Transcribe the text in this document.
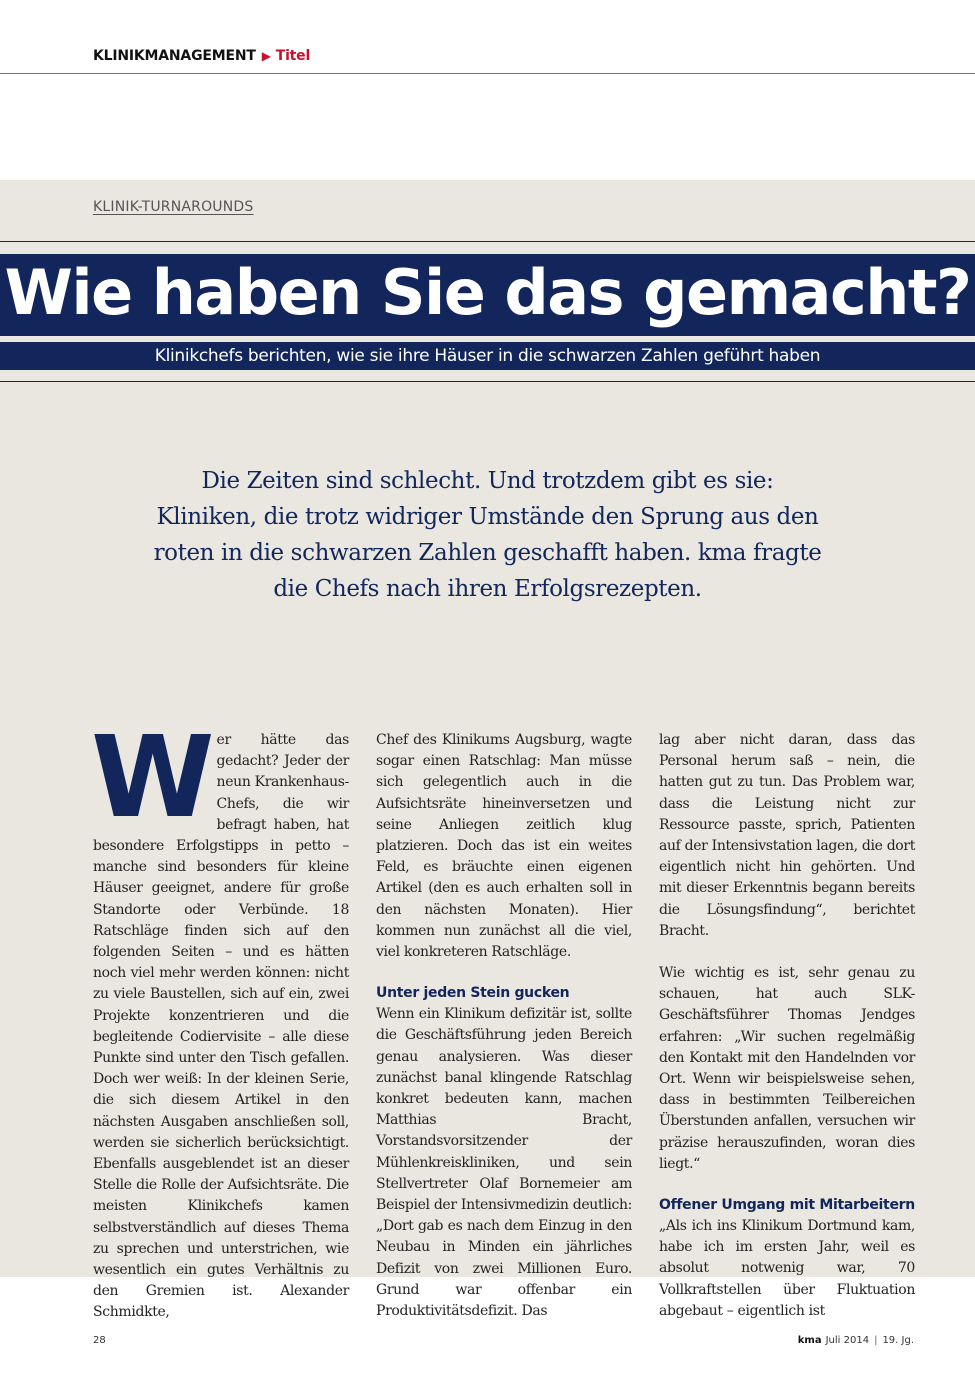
KLINIKMANAGEMENT ▶ Titel
KLINIK-TURNAROUNDS
Wie haben Sie das gemacht?
Klinikchefs berichten, wie sie ihre Häuser in die schwarzen Zahlen geführt haben
Die Zeiten sind schlecht. Und trotzdem gibt es sie: Kliniken, die trotz widriger Umstände den Sprung aus den roten in die schwarzen Zahlen geschafft haben. kma fragte die Chefs nach ihren Erfolgsrezepten.

Wer hätte das gedacht? Jeder der neun Krankenhaus-Chefs, die wir befragt haben, hat besondere Erfolgstipps in petto – manche sind besonders für kleine Häuser geeignet, andere für große Standorte oder Verbünde. 18 Ratschläge finden sich auf den folgenden Seiten – und es hätten noch viel mehr werden können: nicht zu viele Baustellen, sich auf ein, zwei Projekte konzentrieren und die begleitende Codiervisite – alle diese Punkte sind unter den Tisch gefallen. Doch wer weiß: In der kleinen Serie, die sich diesem Artikel in den nächsten Ausgaben anschließen soll, werden sie sicherlich berücksichtigt. Ebenfalls ausgeblendet ist an dieser Stelle die Rolle der Aufsichtsräte. Die meisten Klinikchefs kamen selbstverständlich auf dieses Thema zu sprechen und unterstrichen, wie wesentlich ein gutes Verhältnis zu den Gremien ist. Alexander Schmidkte,

Chef des Klinikums Augsburg, wagte sogar einen Ratschlag: Man müsse sich gelegentlich auch in die Aufsichtsräte hineinversetzen und seine Anliegen zeitlich klug platzieren. Doch das ist ein weites Feld, es bräuchte einen eigenen Artikel (den es auch erhalten soll in den nächsten Monaten). Hier kommen nun zunächst all die viel, viel konkreteren Ratschläge.

Unter jeden Stein gucken

Wenn ein Klinikum defizitär ist, sollte die Geschäftsführung jeden Bereich genau analysieren. Was dieser zunächst banal klingende Ratschlag konkret bedeuten kann, machen Matthias Bracht, Vorstandsvorsitzender der Mühlenkreiskliniken, und sein Stellvertreter Olaf Bornemeier am Beispiel der Intensivmedizin deutlich: „Dort gab es nach dem Einzug in den Neubau in Minden ein jährliches Defizit von zwei Millionen Euro. Grund war offenbar ein Produktivitätsdefizit. Das

lag aber nicht daran, dass das Personal herum saß – nein, die hatten gut zu tun. Das Problem war, dass die Leistung nicht zur Ressource passte, sprich, Patienten auf der Intensivstation lagen, die dort eigentlich nicht hin gehörten. Und mit dieser Erkenntnis begann bereits die Lösungsfindung“, berichtet Bracht.

Wie wichtig es ist, sehr genau zu schauen, hat auch SLK-Geschäftsführer Thomas Jendges erfahren: „Wir suchen regelmäßig den Kontakt mit den Handelnden vor Ort. Wenn wir beispielsweise sehen, dass in bestimmten Teilbereichen Überstunden anfallen, versuchen wir präzise herauszufinden, woran dies liegt.“

Offener Umgang mit Mitarbeitern

„Als ich ins Klinikum Dortmund kam, habe ich im ersten Jahr, weil es absolut notwenig war, 70 Vollkraftstellen über Fluktuation abgebaut – eigentlich ist

28	kma Juli 2014 | 19. Jg.
